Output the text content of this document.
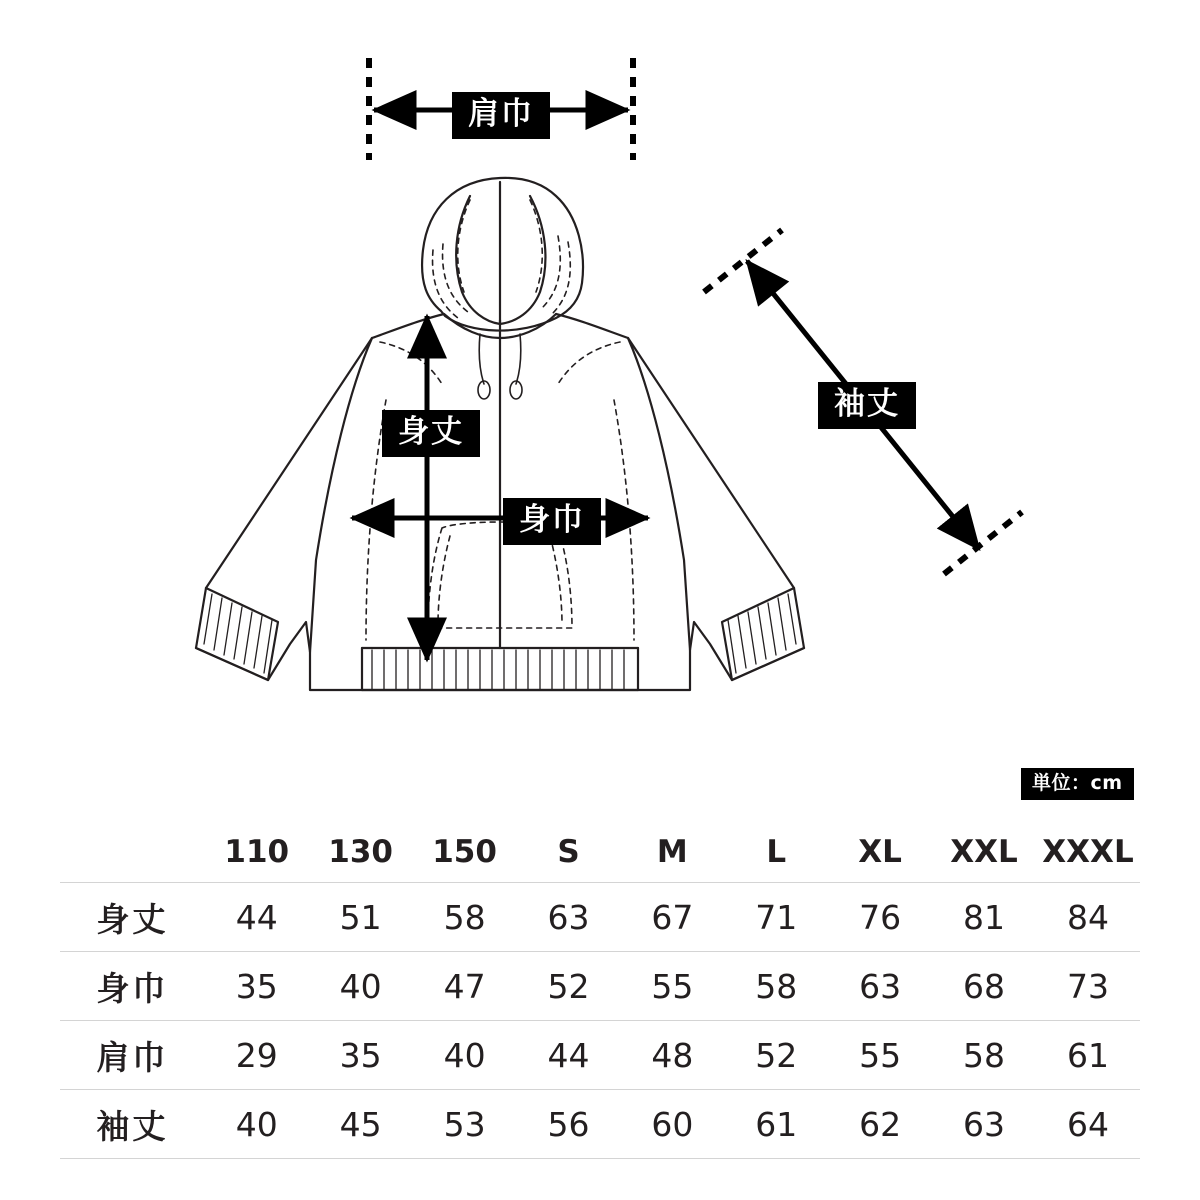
肩巾
身丈
身巾
袖丈
単位：cm
	110	130	150	S	M	L	XL	XXL	XXXL
身丈	44	51	58	63	67	71	76	81	84
身巾	35	40	47	52	55	58	63	68	73
肩巾	29	35	40	44	48	52	55	58	61
袖丈	40	45	53	56	60	61	62	63	64
